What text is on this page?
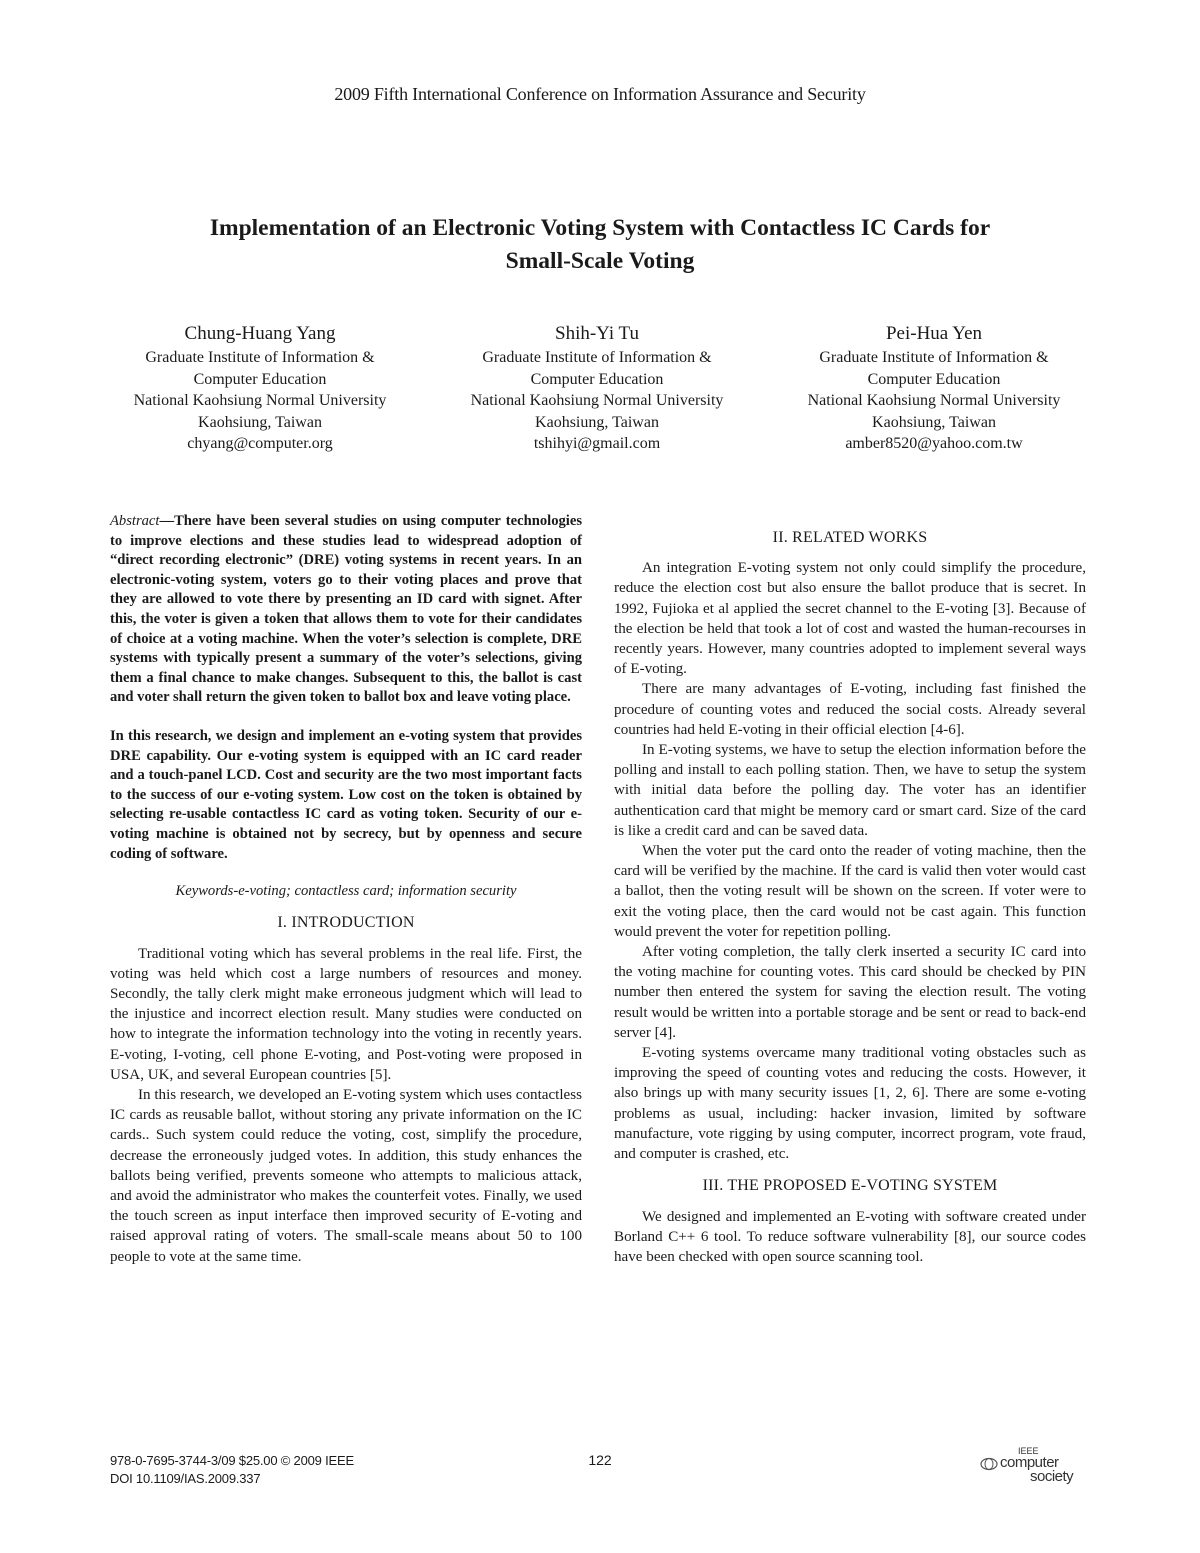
2009 Fifth International Conference on Information Assurance and Security
Implementation of an Electronic Voting System with Contactless IC Cards for
Small-Scale Voting
Chung-Huang Yang
Graduate Institute of Information &
Computer Education
National Kaohsiung Normal University
Kaohsiung, Taiwan
chyang@computer.org
Shih-Yi Tu
Graduate Institute of Information &
Computer Education
National Kaohsiung Normal University
Kaohsiung, Taiwan
tshihyi@gmail.com
Pei-Hua Yen
Graduate Institute of Information &
Computer Education
National Kaohsiung Normal University
Kaohsiung, Taiwan
amber8520@yahoo.com.tw

Abstract—There have been several studies on using computer technologies to improve elections and these studies lead to widespread adoption of “direct recording electronic” (DRE) voting systems in recent years. In an electronic-voting system, voters go to their voting places and prove that they are allowed to vote there by presenting an ID card with signet. After this, the voter is given a token that allows them to vote for their candidates of choice at a voting machine. When the voter’s selection is complete, DRE systems with typically present a summary of the voter’s selections, giving them a final chance to make changes. Subsequent to this, the ballot is cast and voter shall return the given token to ballot box and leave voting place.

In this research, we design and implement an e-voting system that provides DRE capability. Our e-voting system is equipped with an IC card reader and a touch-panel LCD. Cost and security are the two most important facts to the success of our e-voting system. Low cost on the token is obtained by selecting re-usable contactless IC card as voting token. Security of our e-voting machine is obtained not by secrecy, but by openness and secure coding of software.

Keywords-e-voting; contactless card; information security
I. INTRODUCTION

Traditional voting which has several problems in the real life. First, the voting was held which cost a large numbers of resources and money. Secondly, the tally clerk might make erroneous judgment which will lead to the injustice and incorrect election result. Many studies were conducted on how to integrate the information technology into the voting in recently years. E-voting, I-voting, cell phone E-voting, and Post-voting were proposed in USA, UK, and several European countries [5].

In this research, we developed an E-voting system which uses contactless IC cards as reusable ballot, without storing any private information on the IC cards.. Such system could reduce the voting, cost, simplify the procedure, decrease the erroneously judged votes. In addition, this study enhances the ballots being verified, prevents someone who attempts to malicious attack, and avoid the administrator who makes the counterfeit votes. Finally, we used the touch screen as input interface then improved security of E-voting and raised approval rating of voters. The small-scale means about 50 to 100 people to vote at the same time.

II. RELATED WORKS

An integration E-voting system not only could simplify the procedure, reduce the election cost but also ensure the ballot produce that is secret. In 1992, Fujioka et al applied the secret channel to the E-voting [3]. Because of the election be held that took a lot of cost and wasted the human-recourses in recently years. However, many countries adopted to implement several ways of E-voting.

There are many advantages of E-voting, including fast finished the procedure of counting votes and reduced the social costs. Already several countries had held E-voting in their official election [4-6].

In E-voting systems, we have to setup the election information before the polling and install to each polling station. Then, we have to setup the system with initial data before the polling day. The voter has an identifier authentication card that might be memory card or smart card. Size of the card is like a credit card and can be saved data.

When the voter put the card onto the reader of voting machine, then the card will be verified by the machine. If the card is valid then voter would cast a ballot, then the voting result will be shown on the screen. If voter were to exit the voting place, then the card would not be cast again. This function would prevent the voter for repetition polling.

After voting completion, the tally clerk inserted a security IC card into the voting machine for counting votes. This card should be checked by PIN number then entered the system for saving the election result. The voting result would be written into a portable storage and be sent or read to back-end server [4].

E-voting systems overcame many traditional voting obstacles such as improving the speed of counting votes and reducing the costs. However, it also brings up with many security issues [1, 2, 6]. There are some e-voting problems as usual, including: hacker invasion, limited by software manufacture, vote rigging by using computer, incorrect program, vote fraud, and computer is crashed, etc.

III. THE PROPOSED E-VOTING SYSTEM

We designed and implemented an E-voting with software created under Borland C++ 6 tool. To reduce software vulnerability [8], our source codes have been checked with open source scanning tool.

978-0-7695-3744-3/09 $25.00 © 2009 IEEE
DOI 10.1109/IAS.2009.337
122
IEEE
computer
society
